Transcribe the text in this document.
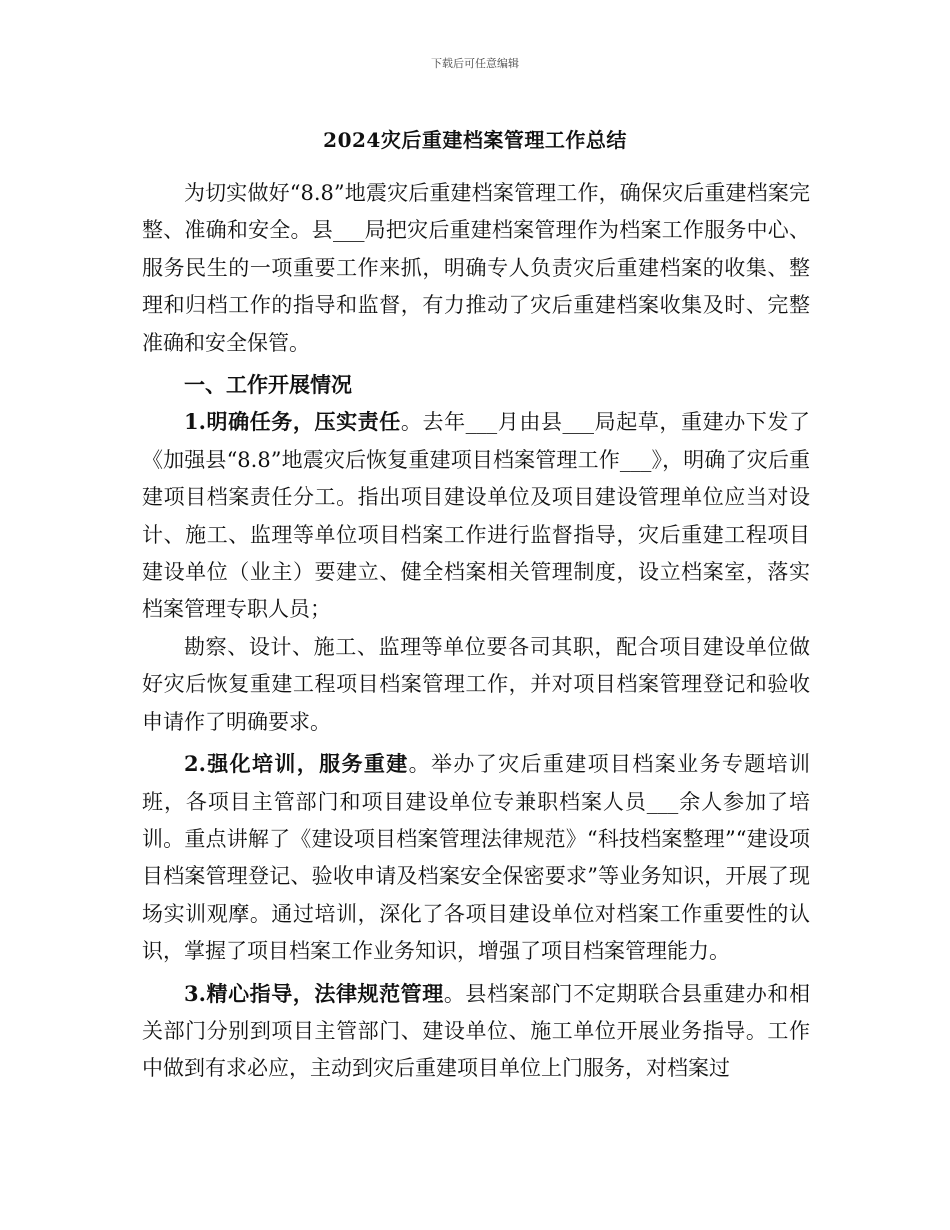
下载后可任意编辑
2024灾后重建档案管理工作总结

为切实做好“8.8”地震灾后重建档案管理工作，确保灾后重建档案完整、准确和安全。县___局把灾后重建档案管理作为档案工作服务中心、服务民生的一项重要工作来抓，明确专人负责灾后重建档案的收集、整理和归档工作的指导和监督，有力推动了灾后重建档案收集及时、完整准确和安全保管。

一、工作开展情况

1.明确任务，压实责任。去年___月由县___局起草，重建办下发了《加强县“8.8”地震灾后恢复重建项目档案管理工作___》，明确了灾后重建项目档案责任分工。指出项目建设单位及项目建设管理单位应当对设计、施工、监理等单位项目档案工作进行监督指导，灾后重建工程项目建设单位（业主）要建立、健全档案相关管理制度，设立档案室，落实档案管理专职人员；

勘察、设计、施工、监理等单位要各司其职，配合项目建设单位做好灾后恢复重建工程项目档案管理工作，并对项目档案管理登记和验收申请作了明确要求。

2.强化培训，服务重建。举办了灾后重建项目档案业务专题培训班，各项目主管部门和项目建设单位专兼职档案人员___余人参加了培训。重点讲解了《建设项目档案管理法律规范》“科技档案整理”“建设项目档案管理登记、验收申请及档案安全保密要求”等业务知识，开展了现场实训观摩。通过培训，深化了各项目建设单位对档案工作重要性的认识，掌握了项目档案工作业务知识，增强了项目档案管理能力。

3.精心指导，法律规范管理。县档案部门不定期联合县重建办和相关部门分别到项目主管部门、建设单位、施工单位开展业务指导。工作中做到有求必应，主动到灾后重建项目单位上门服务，对档案过
